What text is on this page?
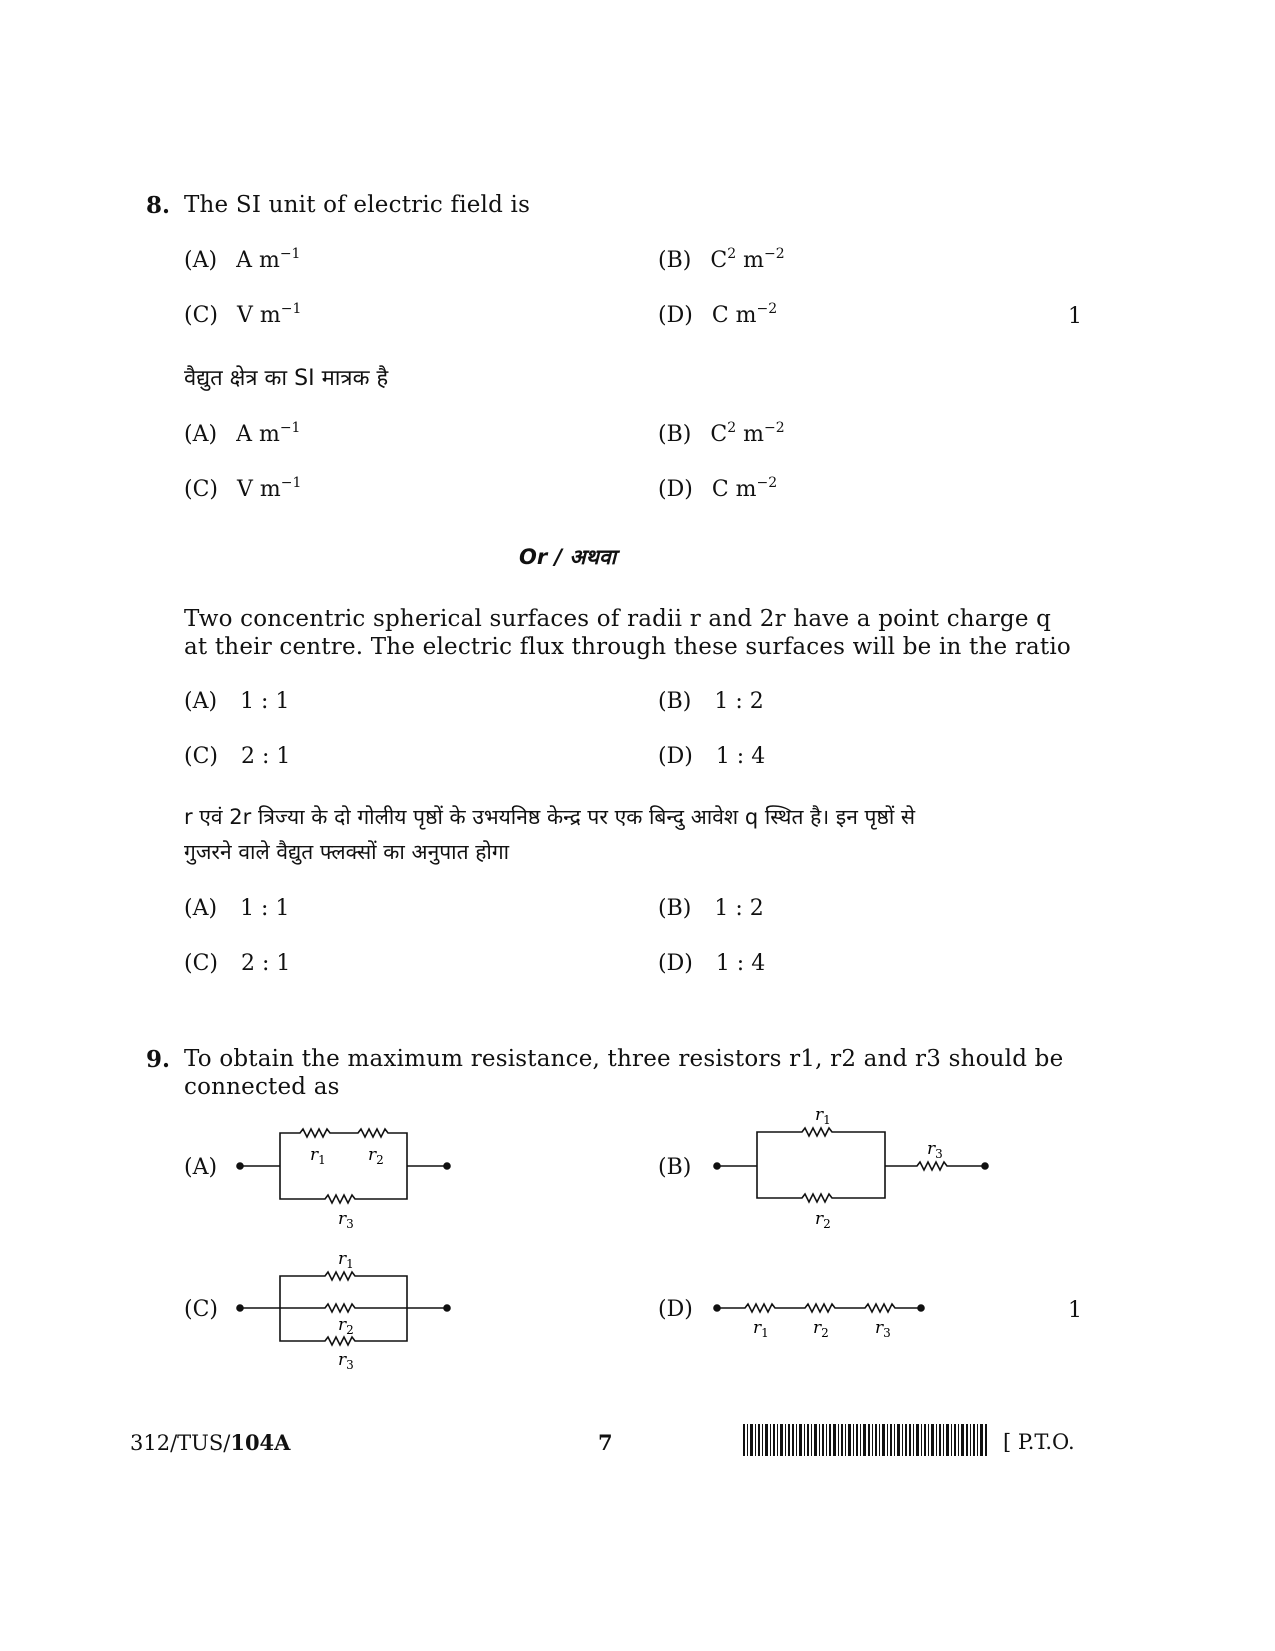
8. The SI unit of electric field is
(A) A $m^{-1}$	(B) $C^2$ $m^{-2}$
(C) V $m^{-1}$	(D) C $m^{-2}$	1
वैद्युत क्षेत्र का SI मात्रक है
(A) A $m^{-1}$	(B) $C^2$ $m^{-2}$
(C) V $m^{-1}$	(D) C $m^{-2}$
Or / अथवा
Two concentric spherical surfaces of radii r and 2r have a point charge q
at their centre. The electric flux through these surfaces will be in the ratio
(A) 1 : 1	(B) 1 : 2
(C) 2 : 1	(D) 1 : 4
r एवं 2r त्रिज्या के दो गोलीय पृष्ठों के उभयनिष्ठ केन्द्र पर एक बिन्दु आवेश q स्थित है। इन पृष्ठों से
गुजरने वाले वैद्युत फ्लक्सों का अनुपात होगा
(A) 1 : 1	(B) 1 : 2
(C) 2 : 1	(D) 1 : 4
9. To obtain the maximum resistance, three resistors r1, r2 and r3 should be
connected as
(A)	(B)
(C)	(D)	1
$r_1$ $r_2$
$r_3$
$r_1$
$r_2$
$r_3$
$r_1$
$r_2$
$r_3$
$r_1$	$r_2$	$r_3$
312/TUS/104A	7	[ P.T.O.
